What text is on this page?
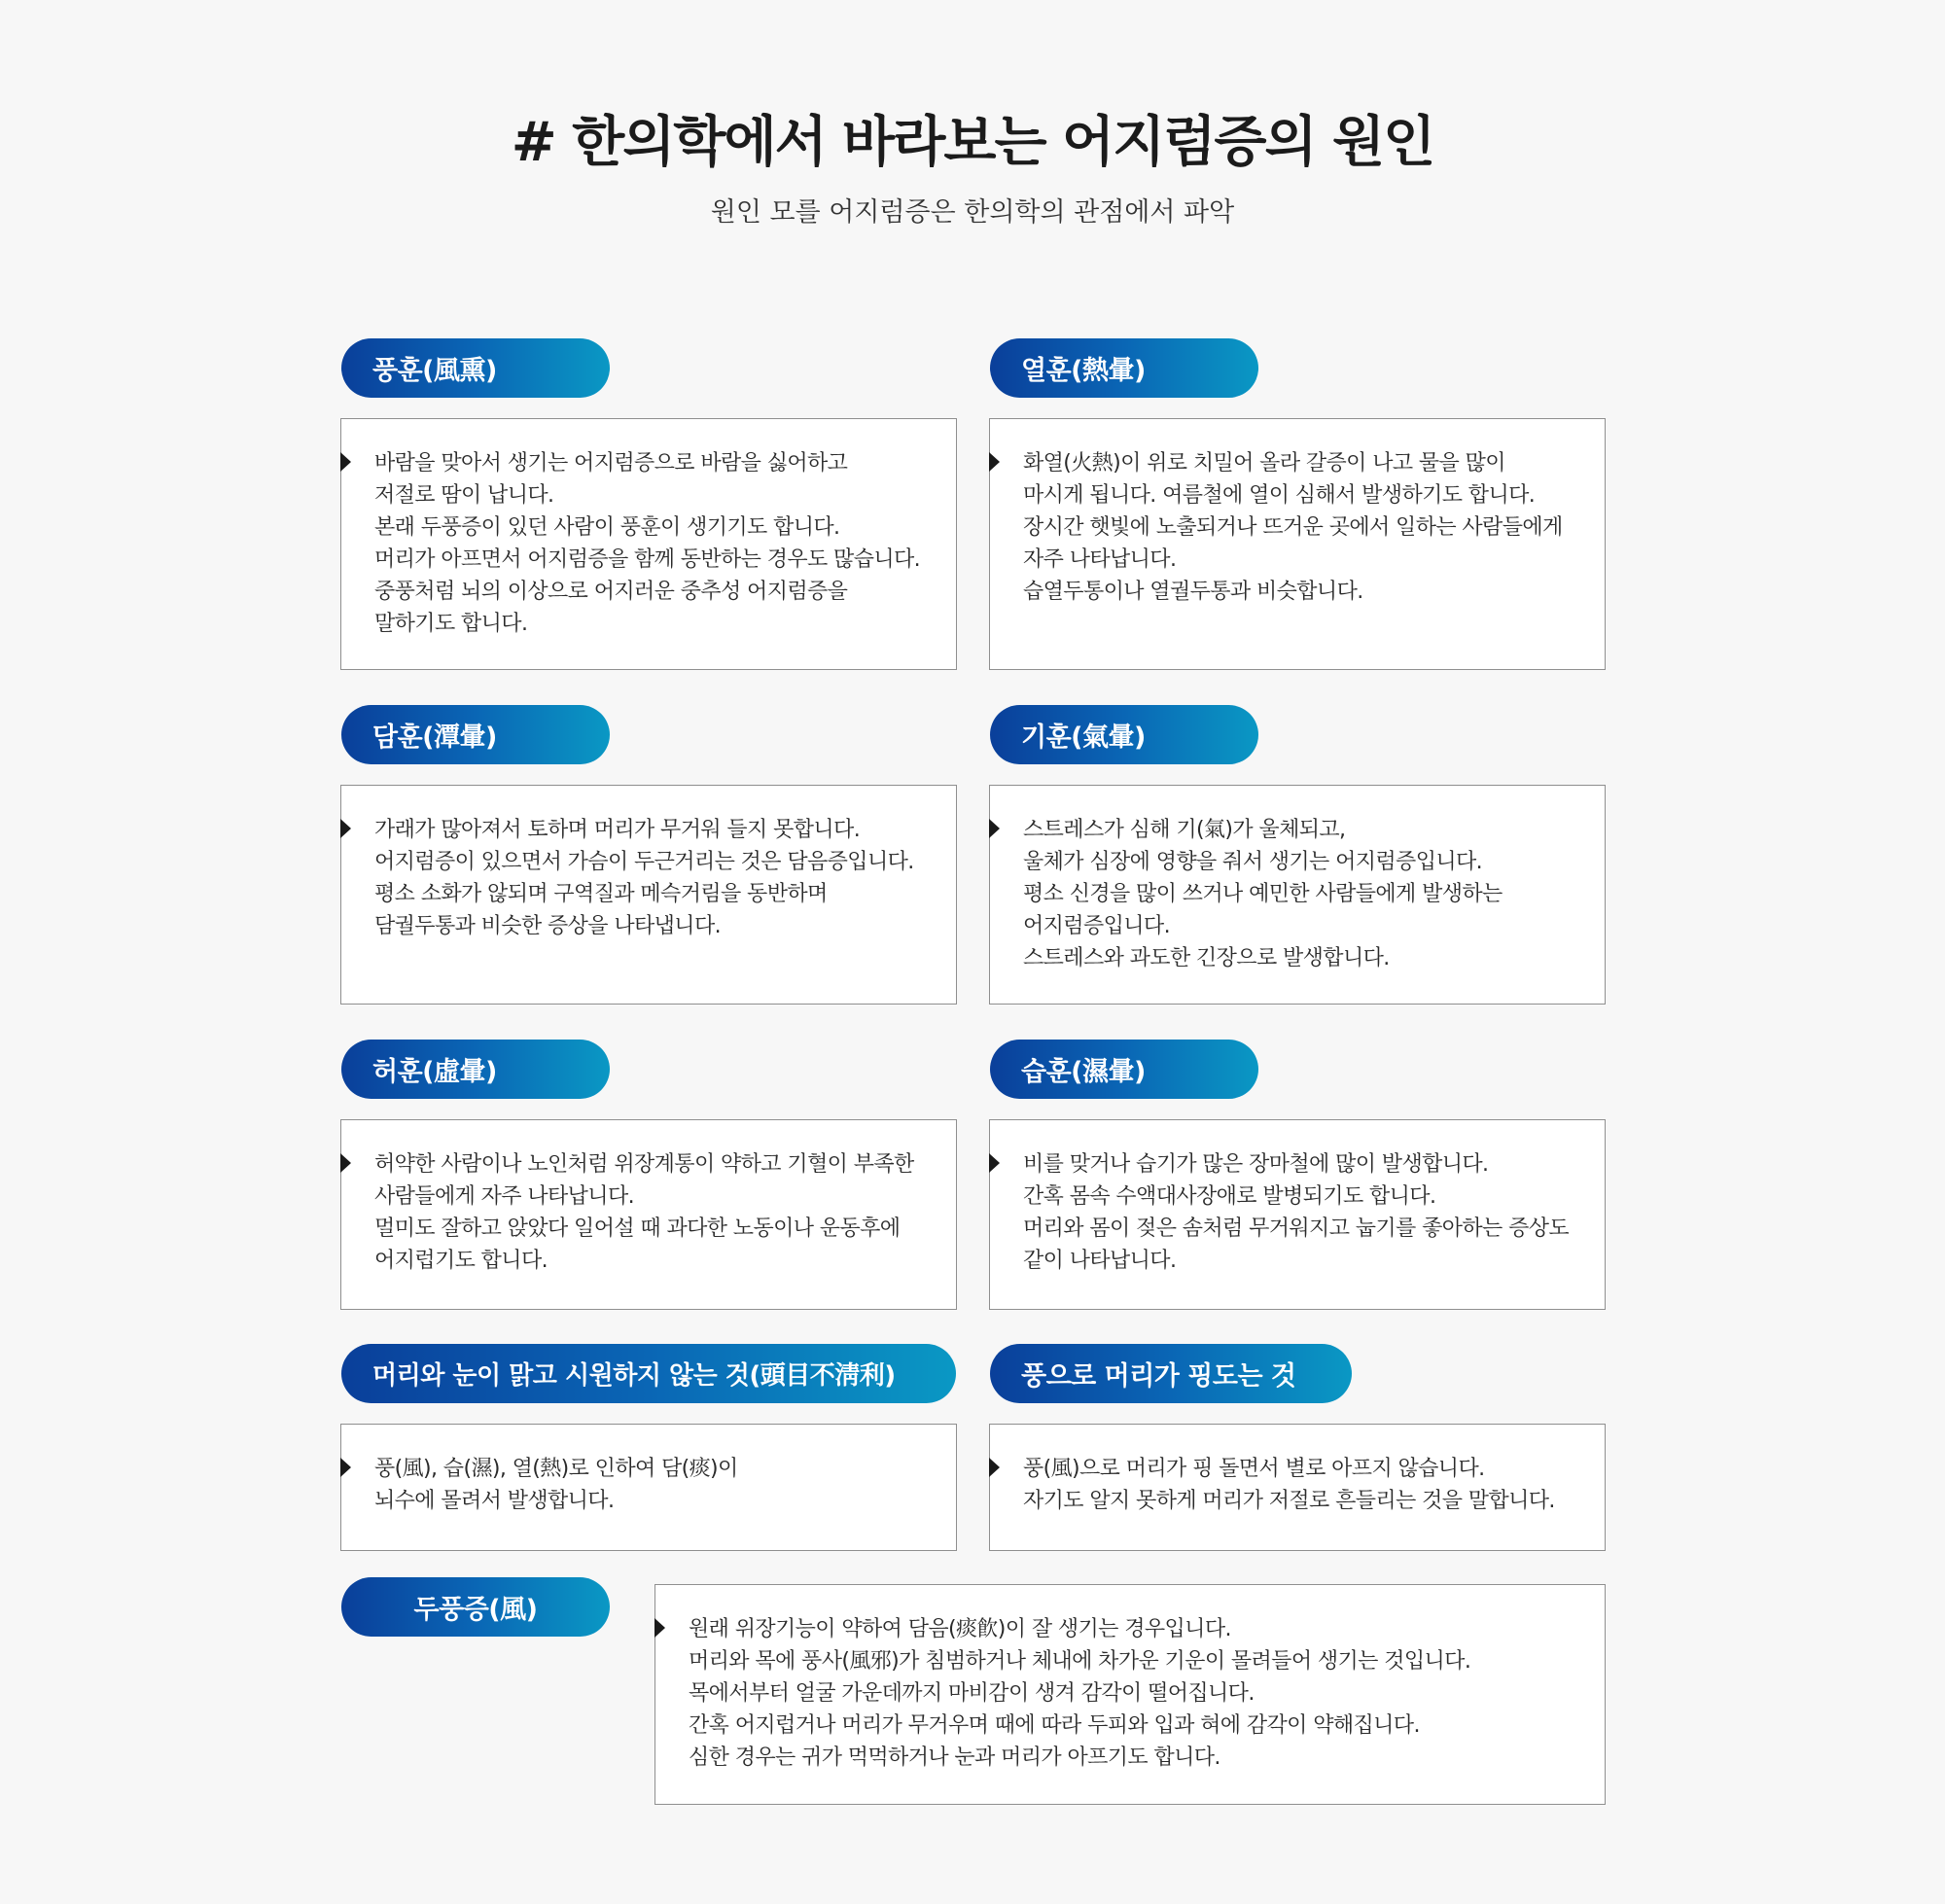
# 한의학에서 바라보는 어지럼증의 원인

원인 모를 어지럼증은 한의학의 관점에서 파악

풍훈(風熏)
바람을 맞아서 생기는 어지럼증으로 바람을 싫어하고
저절로 땀이 납니다.
본래 두풍증이 있던 사람이 풍훈이 생기기도 합니다.
머리가 아프면서 어지럼증을 함께 동반하는 경우도 많습니다.
중풍처럼 뇌의 이상으로 어지러운 중추성 어지럼증을
말하기도 합니다.
열훈(熱暈)
화열(火熱)이 위로 치밀어 올라 갈증이 나고 물을 많이
마시게 됩니다. 여름철에 열이 심해서 발생하기도 합니다.
장시간 햇빛에 노출되거나 뜨거운 곳에서 일하는 사람들에게
자주 나타납니다.
습열두통이나 열궐두통과 비슷합니다.
담훈(潭暈)
가래가 많아져서 토하며 머리가 무거워 들지 못합니다.
어지럼증이 있으면서 가슴이 두근거리는 것은 담음증입니다.
평소 소화가 않되며 구역질과 메슥거림을 동반하며
담궐두통과 비슷한 증상을 나타냅니다.
기훈(氣暈)
스트레스가 심해 기(氣)가 울체되고,
울체가 심장에 영향을 줘서 생기는 어지럼증입니다.
평소 신경을 많이 쓰거나 예민한 사람들에게 발생하는
어지럼증입니다.
스트레스와 과도한 긴장으로 발생합니다.
허훈(虛暈)
허약한 사람이나 노인처럼 위장계통이 약하고 기혈이 부족한
사람들에게 자주 나타납니다.
멀미도 잘하고 앉았다 일어설 때 과다한 노동이나 운동후에
어지럽기도 합니다.
습훈(濕暈)
비를 맞거나 습기가 많은 장마철에 많이 발생합니다.
간혹 몸속 수액대사장애로 발병되기도 합니다.
머리와 몸이 젖은 솜처럼 무거워지고 눕기를 좋아하는 증상도
같이 나타납니다.
머리와 눈이 맑고 시원하지 않는 것(頭目不淸利)
풍(風), 습(濕), 열(熱)로 인하여 담(痰)이
뇌수에 몰려서 발생합니다.
풍으로 머리가 핑도는 것
풍(風)으로 머리가 핑 돌면서 별로 아프지 않습니다.
자기도 알지 못하게 머리가 저절로 흔들리는 것을 말합니다.
두풍증(風)
원래 위장기능이 약하여 담음(痰飮)이 잘 생기는 경우입니다.
머리와 목에 풍사(風邪)가 침범하거나 체내에 차가운 기운이 몰려들어 생기는 것입니다.
목에서부터 얼굴 가운데까지 마비감이 생겨 감각이 떨어집니다.
간혹 어지럽거나 머리가 무거우며 때에 따라 두피와 입과 혀에 감각이 약해집니다.
심한 경우는 귀가 먹먹하거나 눈과 머리가 아프기도 합니다.
